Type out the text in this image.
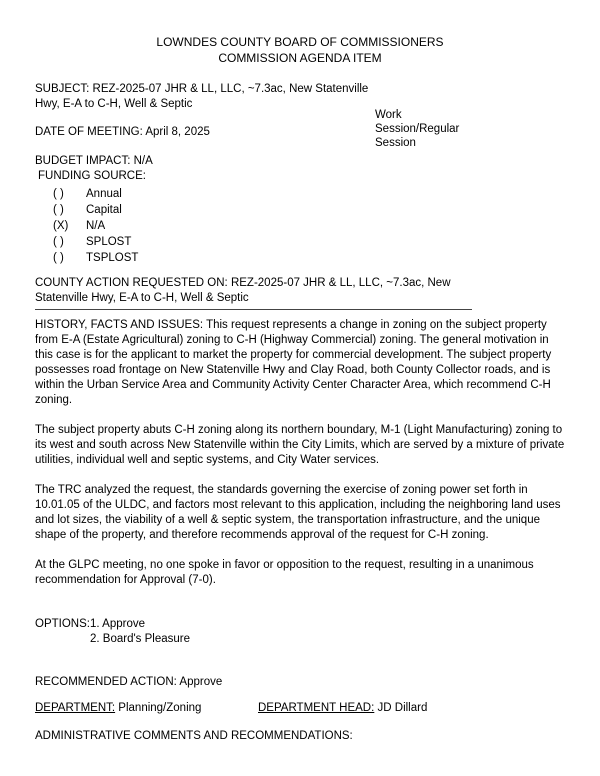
LOWNDES COUNTY BOARD OF COMMISSIONERS
COMMISSION AGENDA ITEM
SUBJECT: REZ-2025-07 JHR & LL, LLC, ~7.3ac, New Statenville Hwy, E-A to C-H, Well & Septic
Work Session/Regular Session
DATE OF MEETING: April 8, 2025
BUDGET IMPACT: N/A
FUNDING SOURCE:
( )	Annual
( )	Capital
(X)	N/A
( )	SPLOST
( )	TSPLOST
COUNTY ACTION REQUESTED ON: REZ-2025-07 JHR & LL, LLC, ~7.3ac, New Statenville Hwy, E-A to C-H, Well & Septic
HISTORY, FACTS AND ISSUES: This request represents a change in zoning on the subject property from E-A (Estate Agricultural) zoning to C-H (Highway Commercial) zoning. The general motivation in this case is for the applicant to market the property for commercial development. The subject property possesses road frontage on New Statenville Hwy and Clay Road, both County Collector roads, and is within the Urban Service Area and Community Activity Center Character Area, which recommend C-H zoning.
The subject property abuts C-H zoning along its northern boundary, M-1 (Light Manufacturing) zoning to its west and south across New Statenville within the City Limits, which are served by a mixture of private utilities, individual well and septic systems, and City Water services.
The TRC analyzed the request, the standards governing the exercise of zoning power set forth in 10.01.05 of the ULDC, and factors most relevant to this application, including the neighboring land uses and lot sizes, the viability of a well & septic system, the transportation infrastructure, and the unique shape of the property, and therefore recommends approval of the request for C-H zoning.
At the GLPC meeting, no one spoke in favor or opposition to the request, resulting in a unanimous recommendation for Approval (7-0).
OPTIONS: 1. Approve
2. Board's Pleasure
RECOMMENDED ACTION: Approve
DEPARTMENT: Planning/Zoning	DEPARTMENT HEAD: JD Dillard
ADMINISTRATIVE COMMENTS AND RECOMMENDATIONS:
